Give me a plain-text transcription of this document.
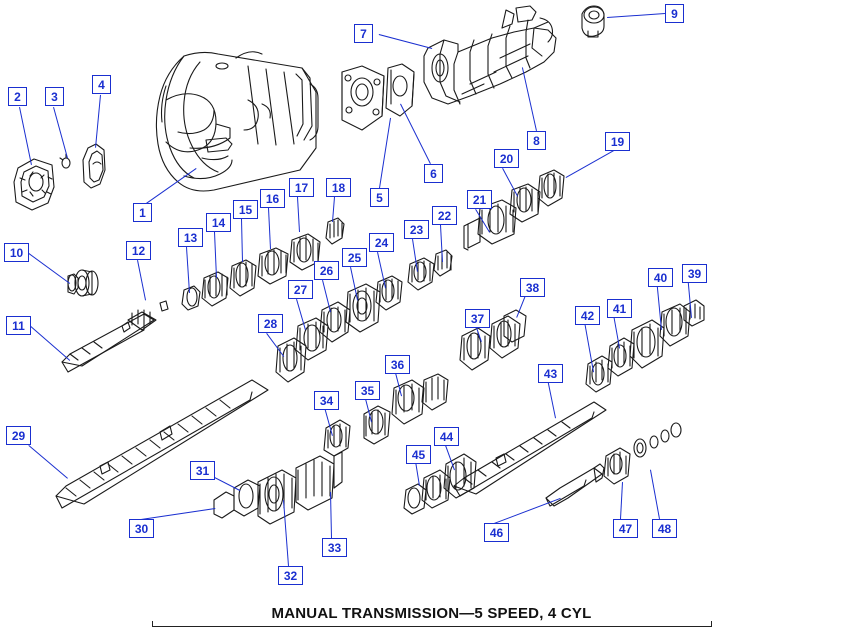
1
2	3
4
5
6
7
8
9
10
11
12
13
14
15
16
17 18
19
20
21
22
23
24
25
26
27
28
29
30
31
32
33
34
35
36
37
38
39
40
41
42
43
44
45
46	47 48
MANUAL TRANSMISSION—5 SPEED, 4 CYL
